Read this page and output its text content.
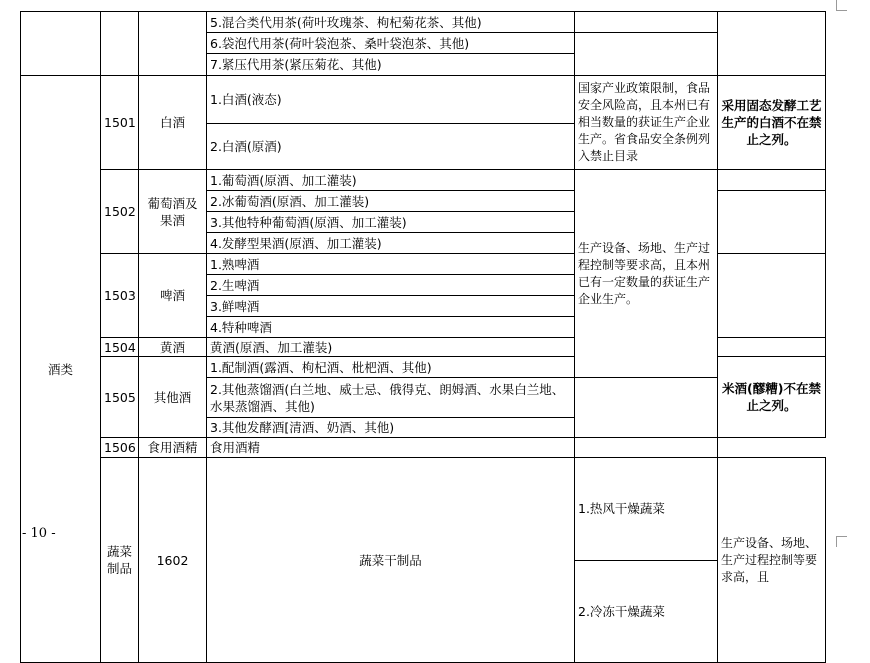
			5.混合类代用茶(荷叶玫瑰茶、枸杞菊花茶、其他)			
			6.袋泡代用茶(荷叶袋泡茶、桑叶袋泡茶、其他)			
			7.紧压代用茶(紧压菊花、其他)			
酒类	1501	白酒	1.白酒(液态)	国家产业政策限制，食品安全风险高，且本州已有相当数量的获证生产企业生产。省食品安全条例列入禁止目录	采用固态发酵工艺生产的白酒不在禁止之列。	
			2.白酒(原酒)			
	1502	葡萄酒及果酒	1.葡萄酒(原酒、加工灌装)	生产设备、场地、生产过程控制等要求高，且本州已有一定数量的获证生产企业生产。		
			2.冰葡萄酒(原酒、加工灌装)			
			3.其他特种葡萄酒(原酒、加工灌装)			
			4.发酵型果酒(原酒、加工灌装)			
	1503	啤酒	1.熟啤酒			
			2.生啤酒			
			3.鲜啤酒			
			4.特种啤酒			
	1504	黄酒	黄酒(原酒、加工灌装)			
	1505	其他酒	1.配制酒(露酒、枸杞酒、枇杷酒、其他)		米酒(醪糟)不在禁止之列。	
			2.其他蒸馏酒(白兰地、威士忌、俄得克、朗姆酒、水果白兰地、水果蒸馏酒、其他)			
			3.其他发酵酒[清酒、奶酒、其他)			
	1506	食用酒精	食用酒精			
	蔬菜制品	1602	蔬菜干制品	1.热风干燥蔬菜	生产设备、场地、生产过程控制等要求高，且	
				2.冷冻干燥蔬菜		
- 10 -
